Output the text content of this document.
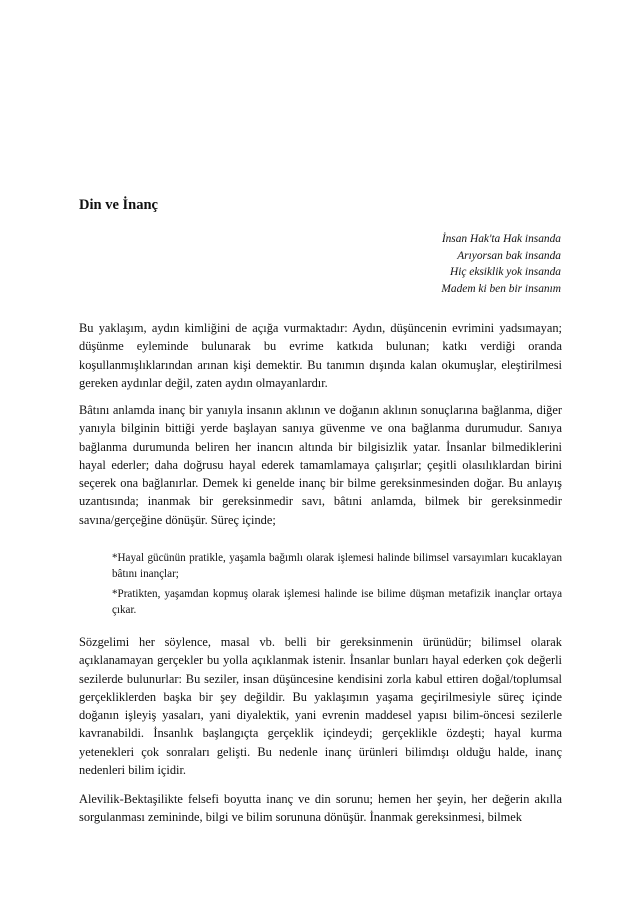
Din ve İnanç
İnsan Hak'ta Hak insanda
Arıyorsan bak insanda
Hiç eksiklik yok insanda
Madem ki ben bir insanım

Bu yaklaşım, aydın kimliğini de açığa vurmaktadır: Aydın, düşüncenin evrimini yadsımayan; düşünme eyleminde bulunarak bu evrime katkıda bulunan; katkı verdiği oranda koşullanmışlıklarından arınan kişi demektir. Bu tanımın dışında kalan okumuşlar, eleştirilmesi gereken aydınlar değil, zaten aydın olmayanlardır.

Bâtını anlamda inanç bir yanıyla insanın aklının ve doğanın aklının sonuçlarına bağlanma, diğer yanıyla bilginin bittiği yerde başlayan sanıya güvenme ve ona bağlanma durumudur. Sanıya bağlanma durumunda beliren her inancın altında bir bilgisizlik yatar. İnsanlar bilmediklerini hayal ederler; daha doğrusu hayal ederek tamamlamaya çalışırlar; çeşitli olasılıklardan birini seçerek ona bağlanırlar. Demek ki genelde inanç bir bilme gereksinmesinden doğar. Bu anlayış uzantısında; inanmak bir gereksinmedir savı, bâtıni anlamda, bilmek bir gereksinmedir savına/gerçeğine dönüşür. Süreç içinde;

*Hayal gücünün pratikle, yaşamla bağımlı olarak işlemesi halinde bilimsel varsayımları kucaklayan bâtını inançlar;

*Pratikten, yaşamdan kopmuş olarak işlemesi halinde ise bilime düşman metafizik inançlar ortaya çıkar.

Sözgelimi her söylence, masal vb. belli bir gereksinmenin ürünüdür; bilimsel olarak açıklanamayan gerçekler bu yolla açıklanmak istenir. İnsanlar bunları hayal ederken çok değerli sezilerde bulunurlar: Bu seziler, insan düşüncesine kendisini zorla kabul ettiren doğal/toplumsal gerçekliklerden başka bir şey değildir. Bu yaklaşımın yaşama geçirilmesiyle süreç içinde doğanın işleyiş yasaları, yani diyalektik, yani evrenin maddesel yapısı bilim-öncesi sezilerle kavranabildi. İnsanlık başlangıçta gerçeklik içindeydi; gerçeklikle özdeşti; hayal kurma yetenekleri çok sonraları gelişti. Bu nedenle inanç ürünleri bilimdışı olduğu halde, inanç nedenleri bilim içidir.

Alevilik-Bektaşilikte felsefi boyutta inanç ve din sorunu; hemen her şeyin, her değerin akılla sorgulanması zemininde, bilgi ve bilim sorununa dönüşür. İnanmak gereksinmesi, bilmek
